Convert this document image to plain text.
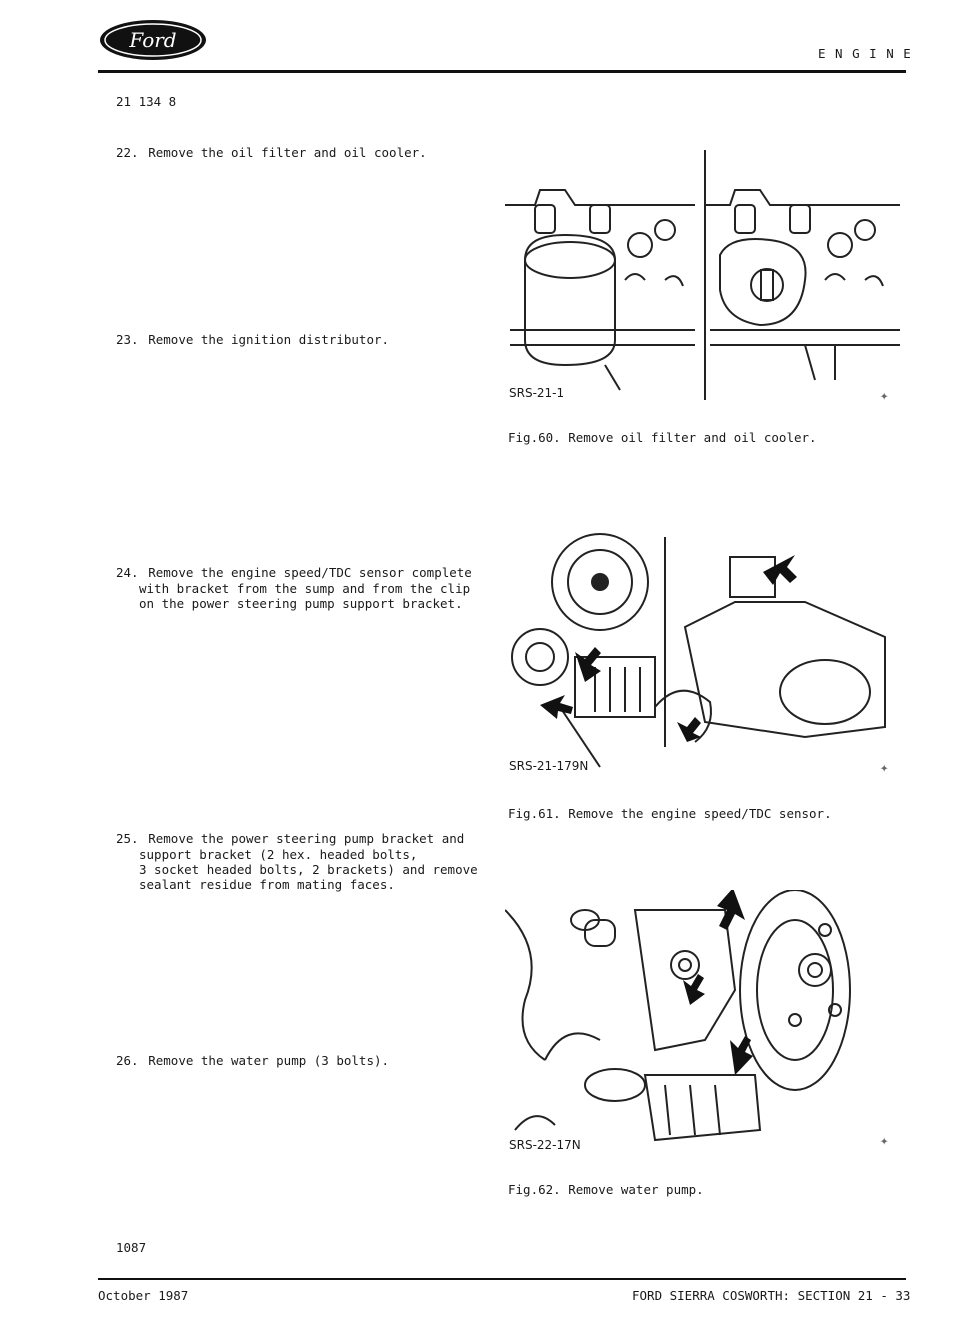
Ford
E N G I N E
21 134 8
22. Remove the oil filter and oil cooler.
23. Remove the ignition distributor.
24. Remove the engine speed/TDC sensor complete
with bracket from the sump and from the clip
on the power steering pump support bracket.
25. Remove the power steering pump bracket and
support bracket (2 hex. headed bolts,
3 socket headed bolts, 2 brackets) and remove
sealant residue from mating faces.
26. Remove the water pump (3 bolts).
SRS-21-1
Fig.60. Remove oil filter and oil cooler.
SRS-21-179N
Fig.61. Remove the engine speed/TDC sensor.
SRS-22-17N
Fig.62. Remove water pump.
✦
✦
✦
1087
October 1987	FORD SIERRA COSWORTH: SECTION 21 - 33
